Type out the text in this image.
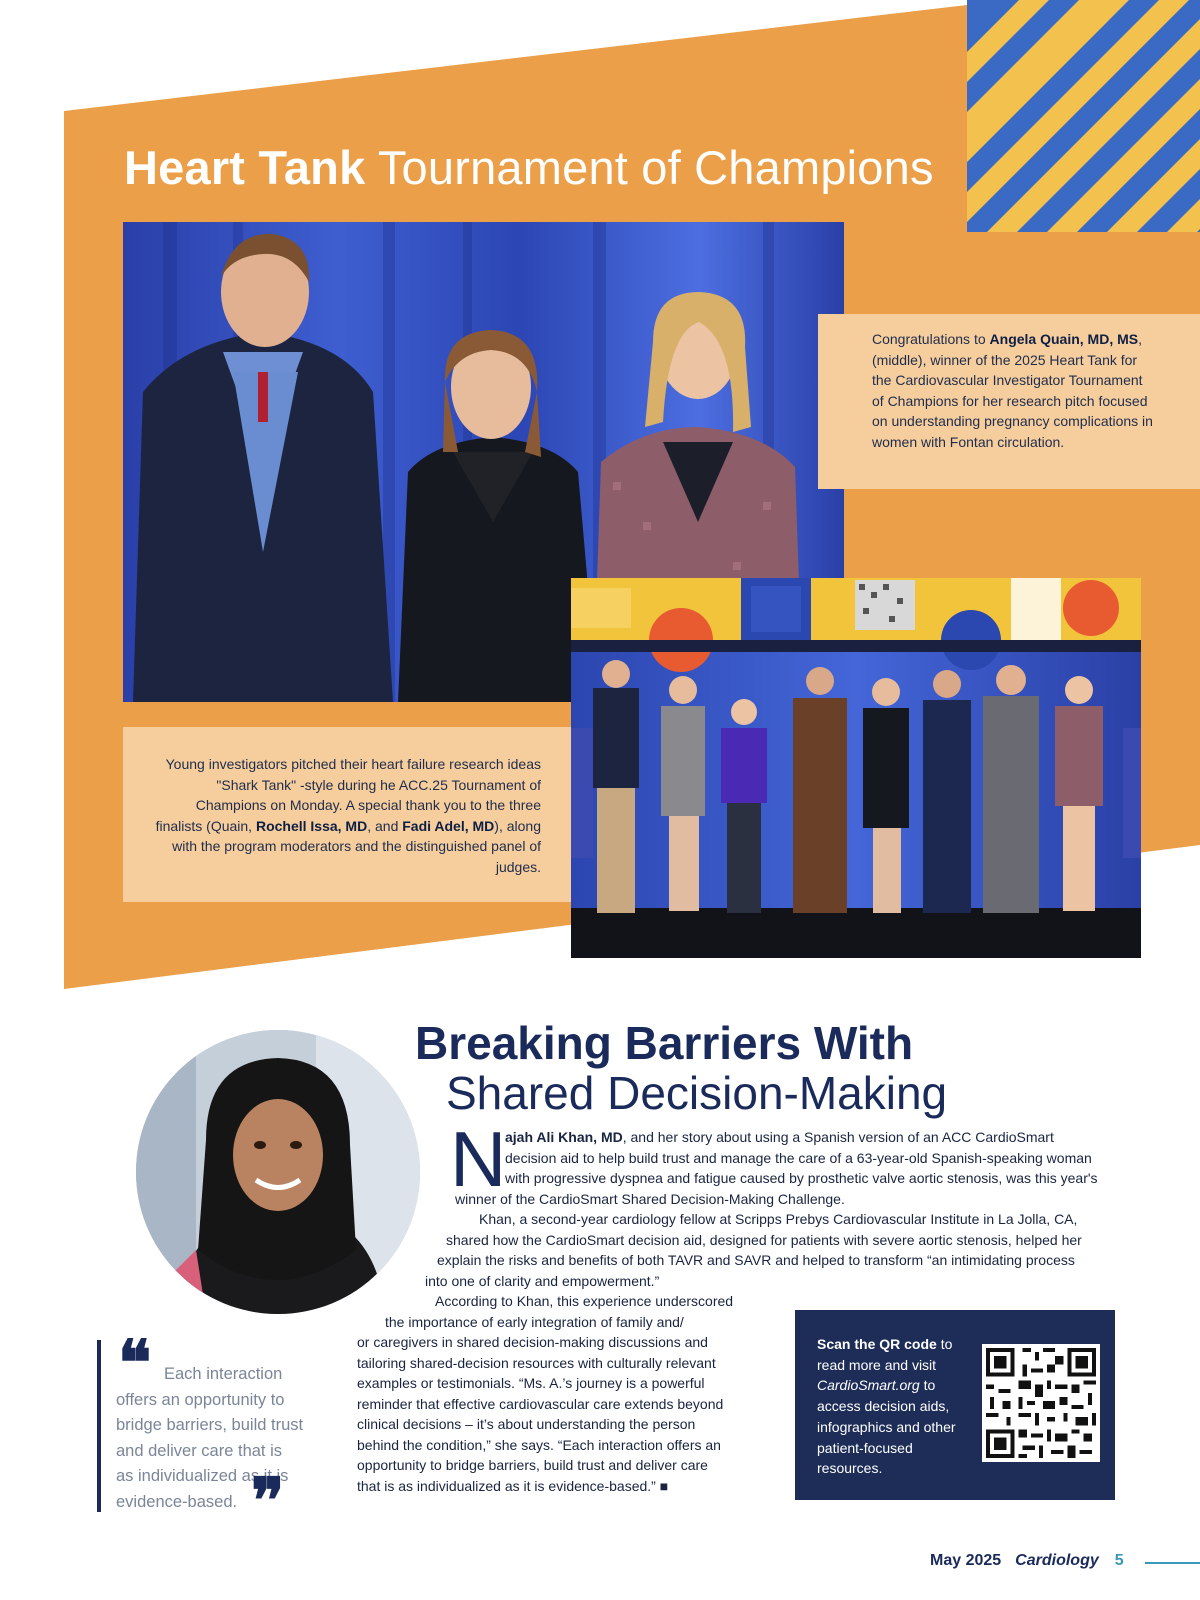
Heart Tank Tournament of Champions
Congratulations to Angela Quain, MD, MS, (middle), winner of the 2025 Heart Tank for the Cardiovascular Investigator Tournament of Champions for her research pitch focused on understanding pregnancy complications in women with Fontan circulation.
Young investigators pitched their heart failure research ideas "Shark Tank" -style during he ACC.25 Tournament of Champions on Monday. A special thank you to the three finalists (Quain, Rochell Issa, MD, and Fadi Adel, MD), along with the program moderators and the distinguished panel of judges.
Breaking Barriers With
Shared Decision-Making
N
ajah Ali Khan, MD, and her story about using a Spanish version of an ACC CardioSmart
decision aid to help build trust and manage the care of a 63-year-old Spanish-speaking woman
with progressive dyspnea and fatigue caused by prosthetic valve aortic stenosis, was this year's
winner of the CardioSmart Shared Decision-Making Challenge.
Khan, a second-year cardiology fellow at Scripps Prebys Cardiovascular Institute in La Jolla, CA,
shared how the CardioSmart decision aid, designed for patients with severe aortic stenosis, helped her
explain the risks and benefits of both TAVR and SAVR and helped to transform “an intimidating process
into one of clarity and empowerment.”
According to Khan, this experience underscored
the importance of early integration of family and/
or caregivers in shared decision-making discussions and
tailoring shared-decision resources with culturally relevant
examples or testimonials. “Ms. A.’s journey is a powerful
reminder that effective cardiovascular care extends beyond
clinical decisions – it’s about understanding the person
behind the condition,” she says. “Each interaction offers an
opportunity to bridge barriers, build trust and deliver care
that is as individualized as it is evidence-based.” ■
❝ Each interaction
offers an opportunity to
bridge barriers, build trust
and deliver care that is
as individualized as it is
evidence-based. ❞
Scan the QR code to read more and visit CardioSmart.org to access decision aids, infographics and other patient-focused resources.
May 2025 Cardiology 5
